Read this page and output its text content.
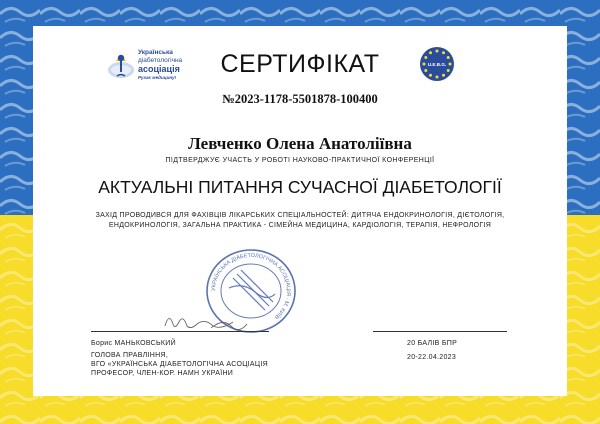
Українська
діабетологічна
асоціація
Рухає медицину!	СЕРТИФІКАТ	U.E.B.G.
№2023-1178-5501878-100400
Левченко Олена Анатоліївна
ПІДТВЕРДЖУЄ УЧАСТЬ У РОБОТІ НАУКОВО-ПРАКТИЧНОЇ КОНФЕРЕНЦІЇ
АКТУАЛЬНІ ПИТАННЯ СУЧАСНОЇ ДІАБЕТОЛОГІЇ
ЗАХІД ПРОВОДИВСЯ ДЛЯ ФАХІВЦІВ ЛІКАРСЬКИХ СПЕЦІАЛЬНОСТЕЙ: ДИТЯЧА ЕНДОКРИНОЛОГІЯ, ДІЄТОЛОГІЯ,
ЕНДОКРИНОЛОГІЯ, ЗАГАЛЬНА ПРАКТИКА - СІМЕЙНА МЕДИЦИНА, КАРДІОЛОГІЯ, ТЕРАПІЯ, НЕФРОЛОГІЯ
УКРАЇНСЬКА ДІАБЕТОЛОГІЧНА АСОЦІАЦІЯ · М. КИЇВ
Борис МАНЬКОВСЬКИЙ
ГОЛОВА ПРАВЛІННЯ,
ВГО «УКРАЇНСЬКА ДІАБЕТОЛОГІЧНА АСОЦІАЦІЯ
ПРОФЕСОР, ЧЛЕН-КОР. НАМН УКРАЇНИ
20 БАЛІВ БПР
20-22.04.2023
